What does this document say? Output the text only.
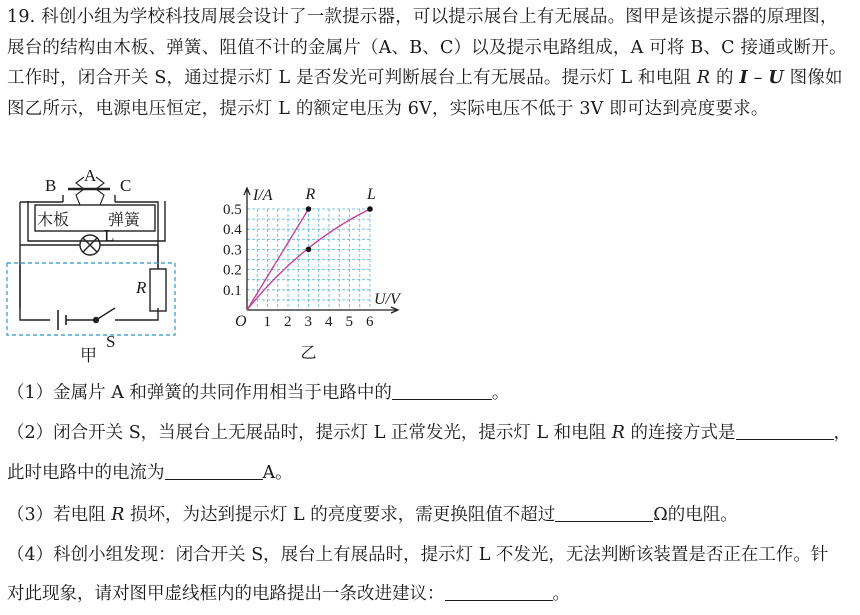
19. 科创小组为学校科技周展会设计了一款提示器，可以提示展台上有无展品。图甲是该提示器的原理图，展台的结构由木板、弹簧、阻值不计的金属片（A、B、C）以及提示电路组成，A 可将 B、C 接通或断开。工作时，闭合开关 S，通过提示灯 L 是否发光可判断展台上有无展品。提示灯 L 和电阻 R 的 I – U 图像如图乙所示，电源电压恒定，提示灯 L 的额定电压为 6V，实际电压不低于 3V 即可达到亮度要求。
A
B	C
木板 弹簧
L
R
S
甲
1 2 3 4 5 6
0.1
0.2
0.3
0.4
0.5
R	L
I/A
U/V
O
乙
（1）金属片 A 和弹簧的共同作用相当于电路中的	。
（2）闭合开关 S，当展台上无展品时，提示灯 L 正常发光，提示灯 L 和电阻 R 的连接方式是	，
此时电路中的电流为	A。
（3）若电阻 R 损坏，为达到提示灯 L 的亮度要求，需更换阻值不超过	Ω的电阻。
（4）科创小组发现：闭合开关 S，展台上有展品时，提示灯 L 不发光，无法判断该装置是否正在工作。针
对此现象，请对图甲虚线框内的电路提出一条改进建议：	。
